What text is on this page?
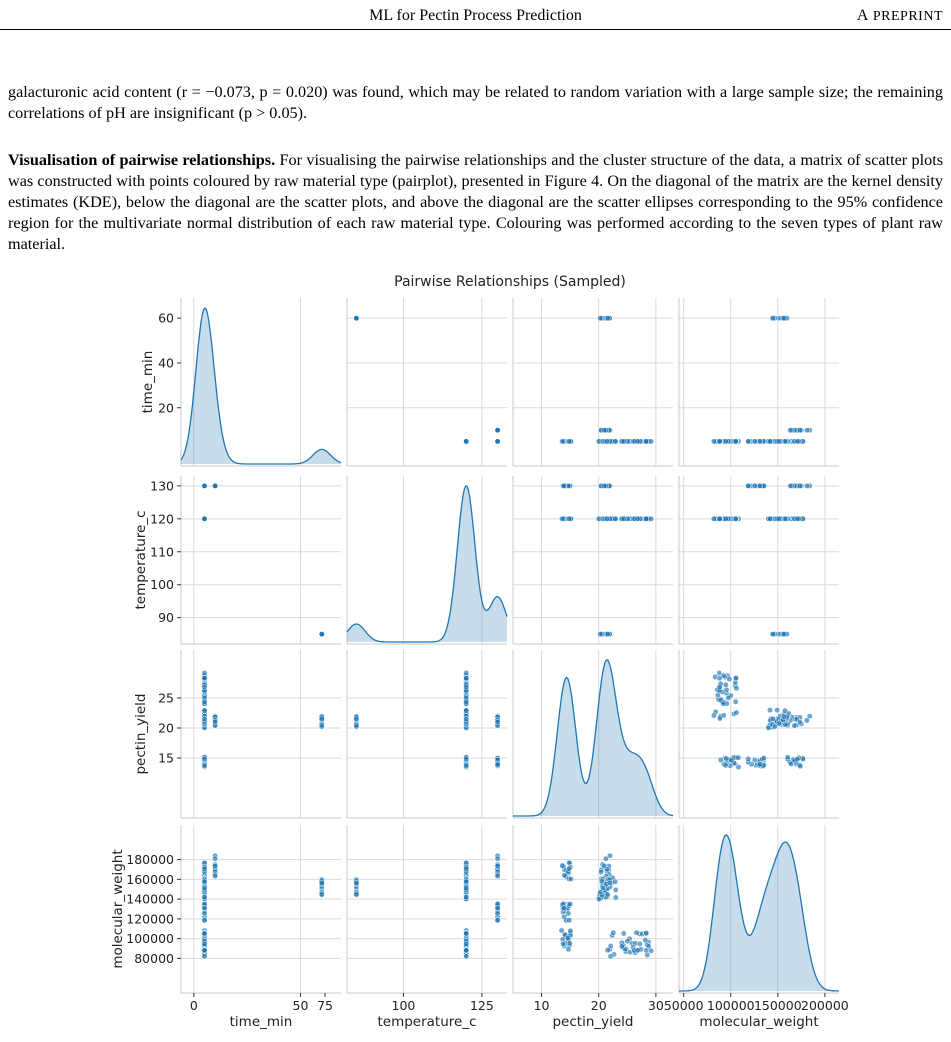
ML for Pectin Process Prediction	A PREPRINT
galacturonic acid content (r = −0.073, p = 0.020) was found, which may be related to random variation with a large sample size; the remaining correlations of pH are insignificant (p > 0.05).
Visualisation of pairwise relationships. For visualising the pairwise relationships and the cluster structure of the data, a matrix of scatter plots was constructed with points coloured by raw material type (pairplot), presented in Figure 4. On the diagonal of the matrix are the kernel density estimates (KDE), below the diagonal are the scatter plots, and above the diagonal are the scatter ellipses corresponding to the 95% confidence region for the multivariate normal distribution of each raw material type. Colouring was performed according to the seven types of plant raw material.
Pairwise Relationships (Sampled)
0	50
time_min
75	100	125
temperature_c
10	20	30
pectin_yield
50000 100000 150000 200000
molecular_weight
20
40
60
time_min
90
100
110
120
130
temperature_c
15
20
25
pectin_yield
80000
100000
120000
140000
160000
180000
molecular_weight
